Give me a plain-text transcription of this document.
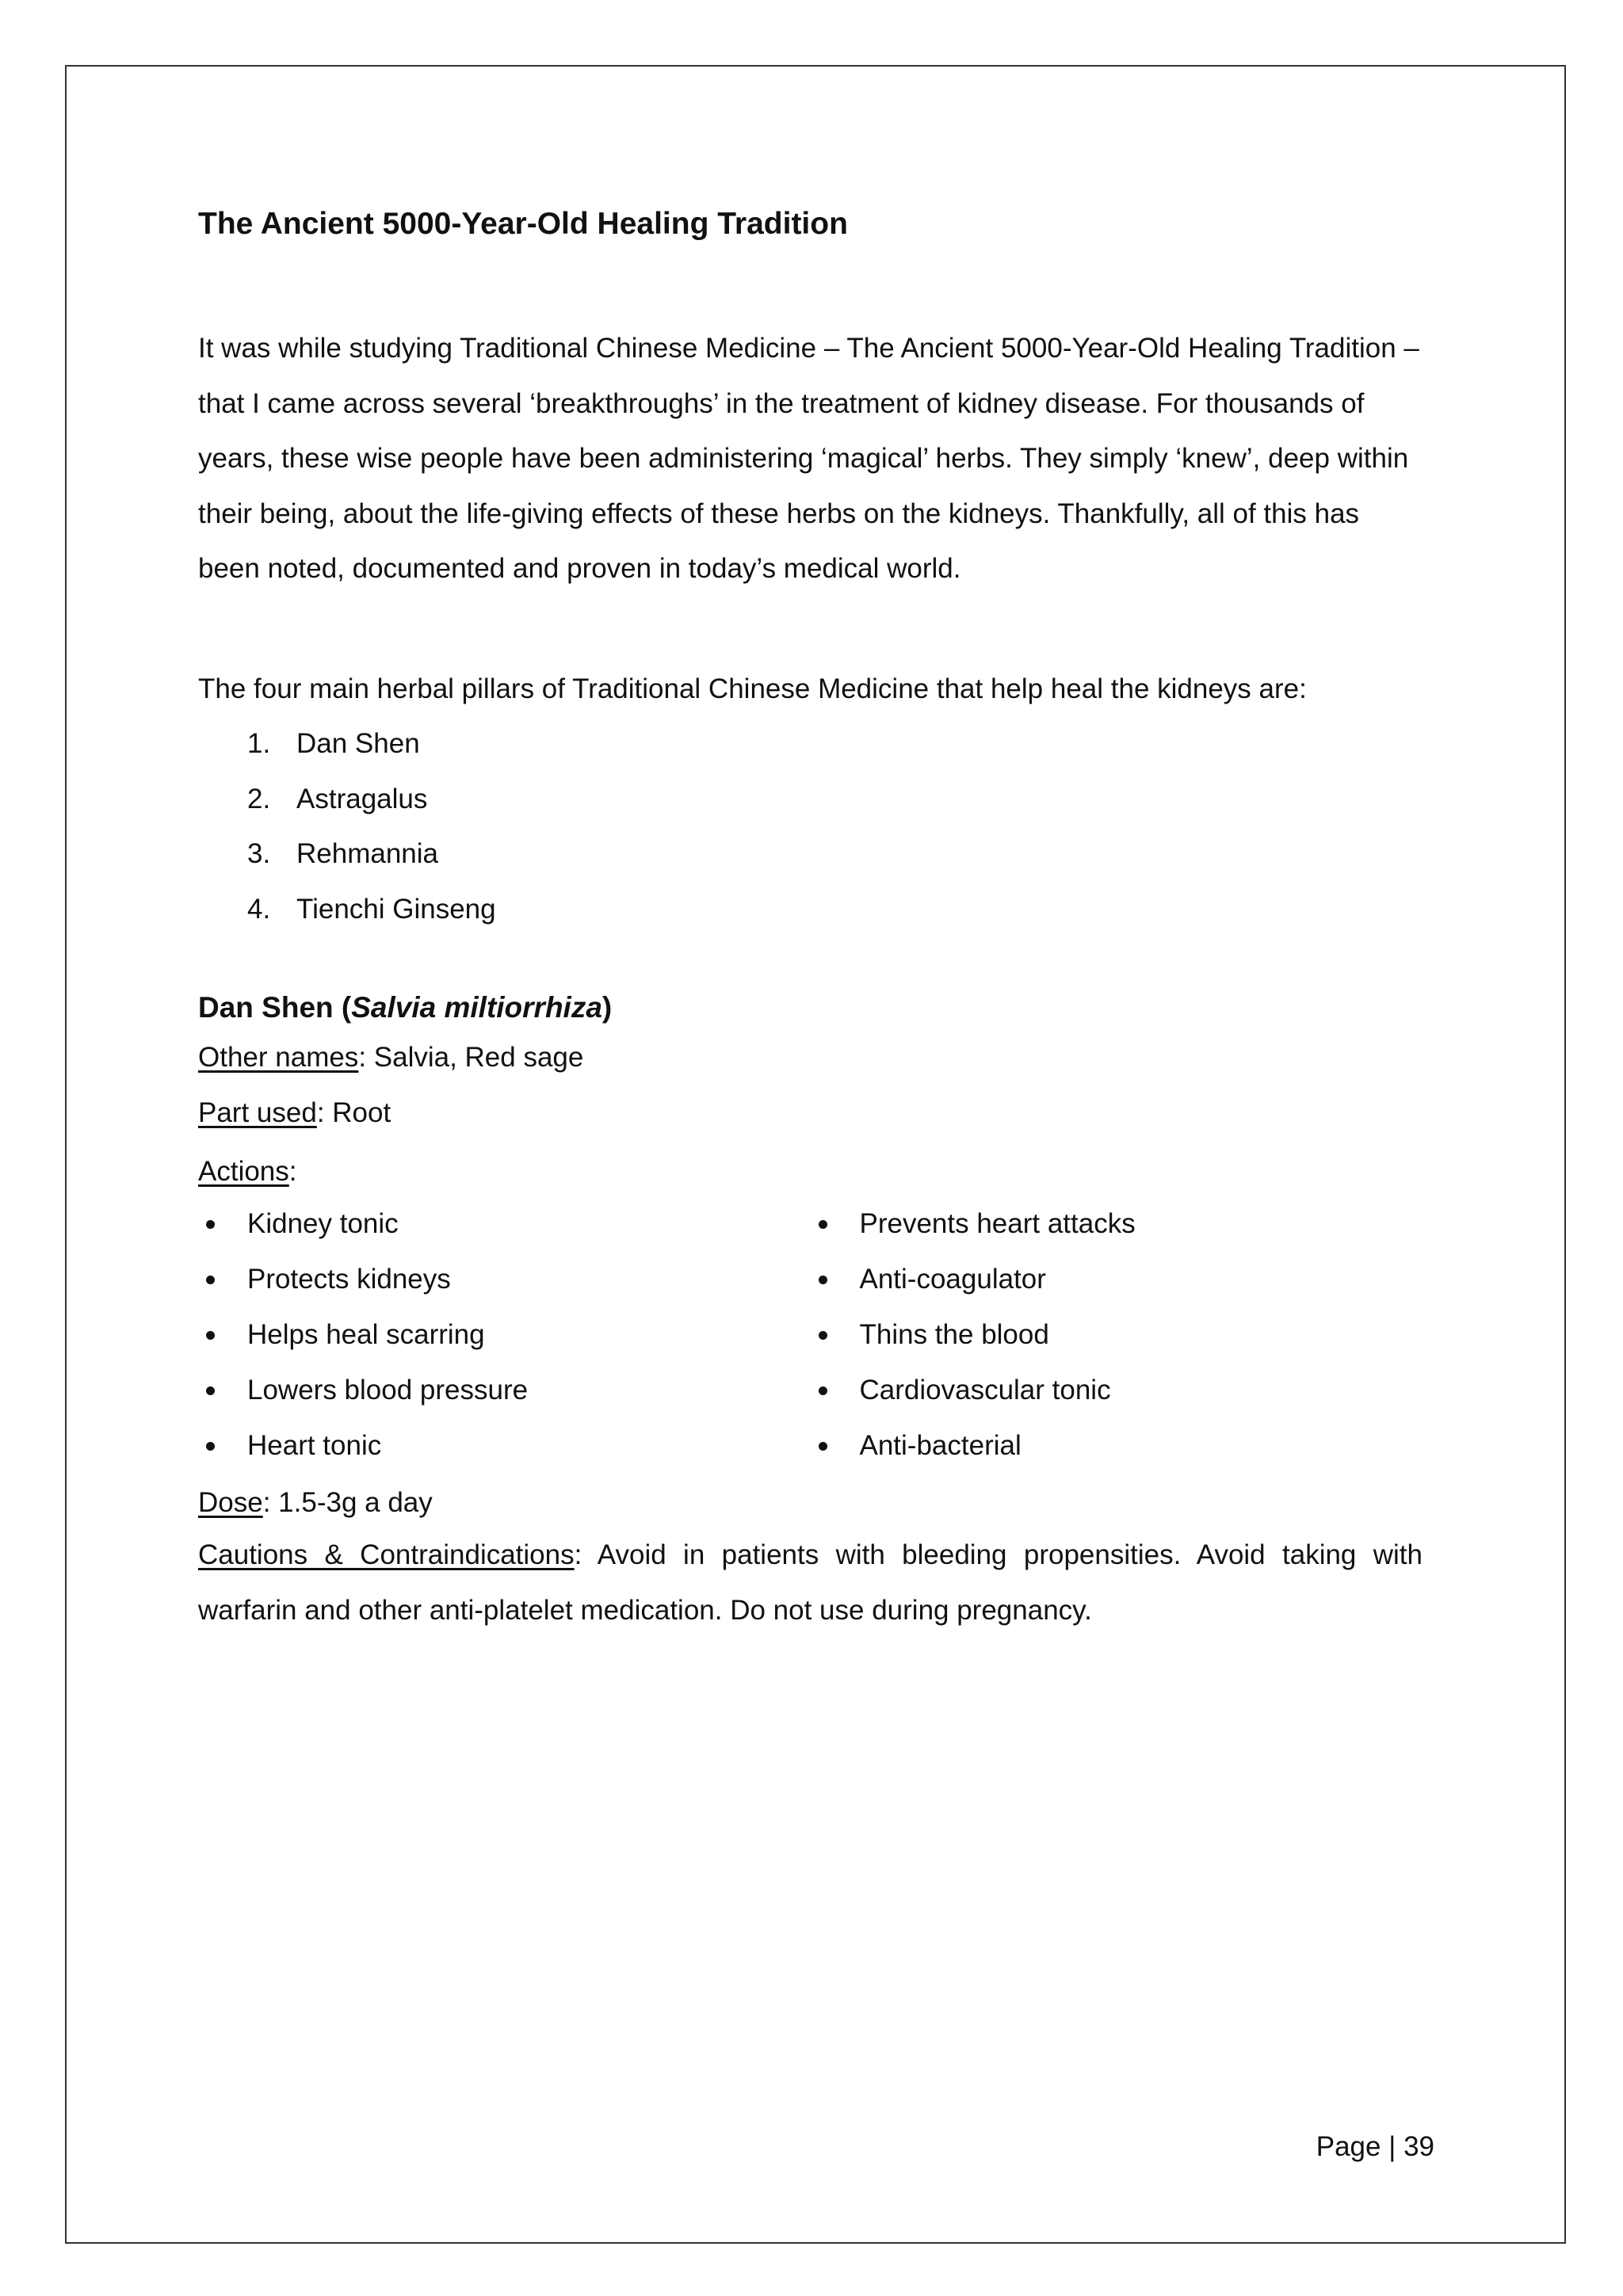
The Ancient 5000-Year-Old Healing Tradition
It was while studying Traditional Chinese Medicine – The Ancient 5000-Year-Old Healing Tradition – that I came across several ‘breakthroughs’ in the treatment of kidney disease. For thousands of years, these wise people have been administering ‘magical’ herbs. They simply ‘knew’, deep within their being, about the life-giving effects of these herbs on the kidneys. Thankfully, all of this has been noted, documented and proven in today’s medical world.
The four main herbal pillars of Traditional Chinese Medicine that help heal the kidneys are:
1. Dan Shen
2. Astragalus
3. Rehmannia
4. Tienchi Ginseng
Dan Shen (Salvia miltiorrhiza)
Other names: Salvia, Red sage
Part used: Root
Actions:
Kidney tonic
Protects kidneys
Helps heal scarring
Lowers blood pressure
Heart tonic
Prevents heart attacks
Anti-coagulator
Thins the blood
Cardiovascular tonic
Anti-bacterial
Dose: 1.5-3g a day
Cautions & Contraindications: Avoid in patients with bleeding propensities. Avoid taking with warfarin and other anti-platelet medication. Do not use during pregnancy.
Page | 39
